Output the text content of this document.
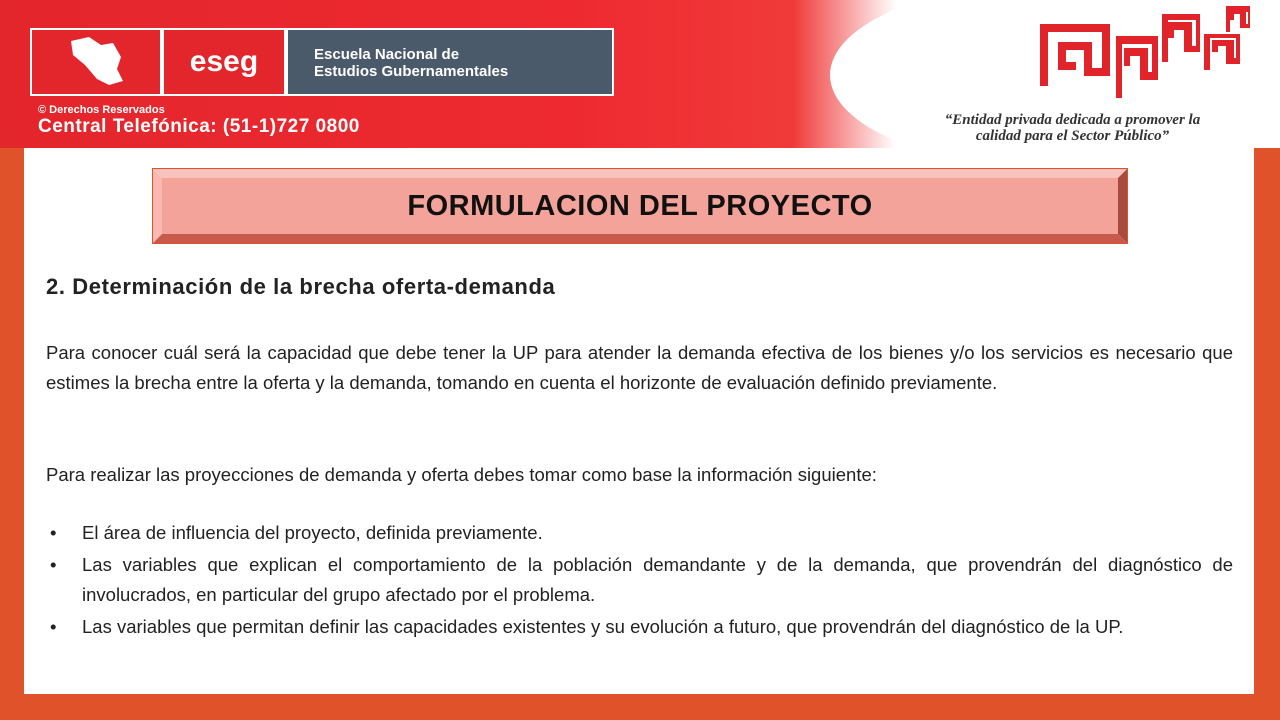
eseg	Escuela Nacional de
Estudios Gubernamentales
© Derechos Reservados
Central Telefónica: (51-1)727 0800	“Entidad privada dedicada a promover la
calidad para el Sector Público”
FORMULACION DEL PROYECTO
2. Determinación de la brecha oferta-demanda
Para conocer cuál será la capacidad que debe tener la UP para atender la demanda efectiva de los bienes y/o los servicios es necesario que estimes la brecha entre la oferta y la demanda, tomando en cuenta el horizonte de evaluación definido previamente.
Para realizar las proyecciones de demanda y oferta debes tomar como base la información siguiente:
• El área de influencia del proyecto, definida previamente.
• Las variables que explican el comportamiento de la población demandante y de la demanda, que provendrán del diagnóstico de involucrados, en particular del grupo afectado por el problema.
• Las variables que permitan definir las capacidades existentes y su evolución a futuro, que provendrán del diagnóstico de la UP.
